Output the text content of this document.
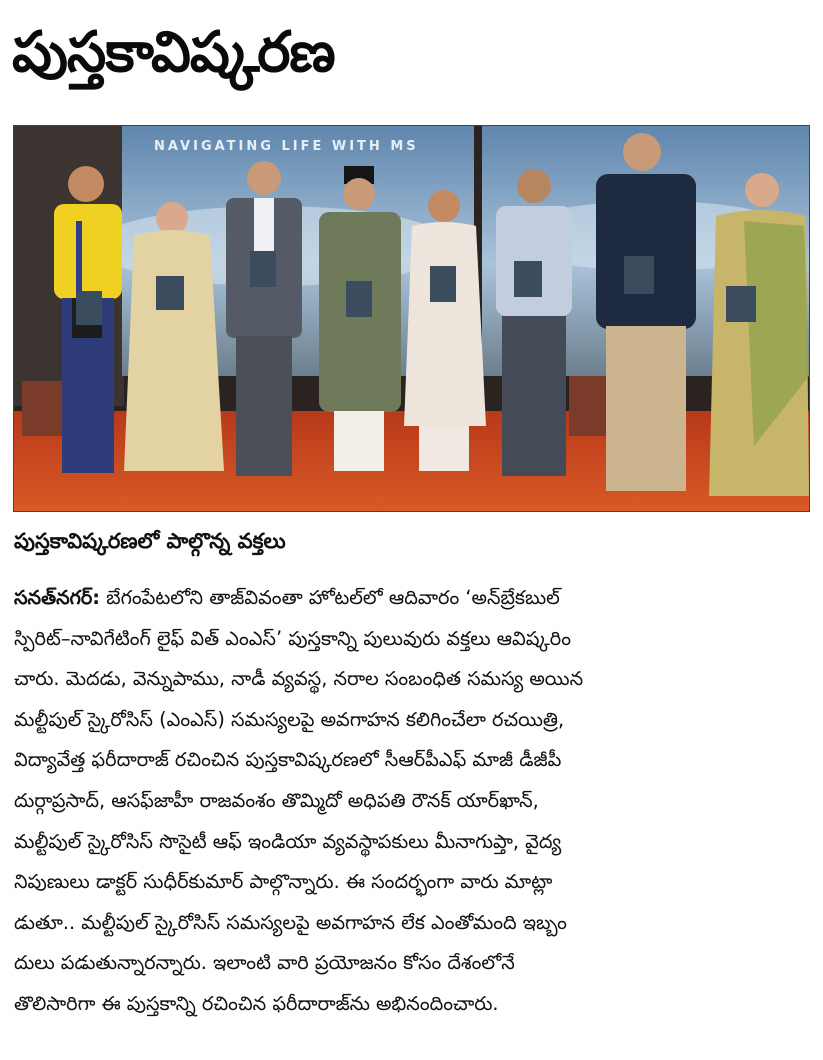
పుస్తకావిష్కరణ
NAVIGATING LIFE WITH MS
పుస్తకావిష్కరణలో పాల్గొన్న వక్తలు
సనత్‌నగర్: బేగంపేటలోని తాజ్‌వివంతా హోటల్‌లో ఆదివారం ‘అన్‌బ్రేకబుల్
స్పిరిట్‌–నావిగేటింగ్‌ లైఫ్‌ విత్‌ ఎంఎస్‌’ పుస్తకాన్ని పులువురు వక్తలు ఆవిష్కరిం
చారు. మెదడు, వెన్నుపాము, నాడీ వ్యవస్థ, నరాల సంబంధిత సమస్య అయిన
మల్టీపుల్‌ స్కైరోసిస్‌ (ఎంఎస్‌) సమస్యలపై అవగాహన కలిగించేలా రచయిత్రి,
విద్యావేత్త ఫరీదారాజ్‌ రచించిన పుస్తకావిష్కరణలో సీఆర్‌పీఎఫ్‌ మాజీ డీజీపీ
దుర్గాప్రసాద్‌, ఆసఫ్‌జాహీ రాజవంశం తొమ్మిదో అధిపతి రౌనక్‌ యార్‌ఖాన్‌,
మల్టీపుల్‌ స్కైరోసిస్‌ సొసైటీ ఆఫ్‌ ఇండియా వ్యవస్థాపకులు మీనాగుప్తా, వైద్య
నిపుణులు డాక్టర్‌ సుధీర్‌కుమార్‌ పాల్గొన్నారు. ఈ సందర్భంగా వారు మాట్లా
డుతూ.. మల్టీపుల్‌ స్కైరోసిస్‌ సమస్యలపై అవగాహన లేక ఎంతోమంది ఇబ్బం
దులు పడుతున్నారన్నారు. ఇలాంటి వారి ప్రయోజనం కోసం దేశంలోనే
తొలిసారిగా ఈ పుస్తకాన్ని రచించిన ఫరీదారాజ్‌ను అభినందించారు.
